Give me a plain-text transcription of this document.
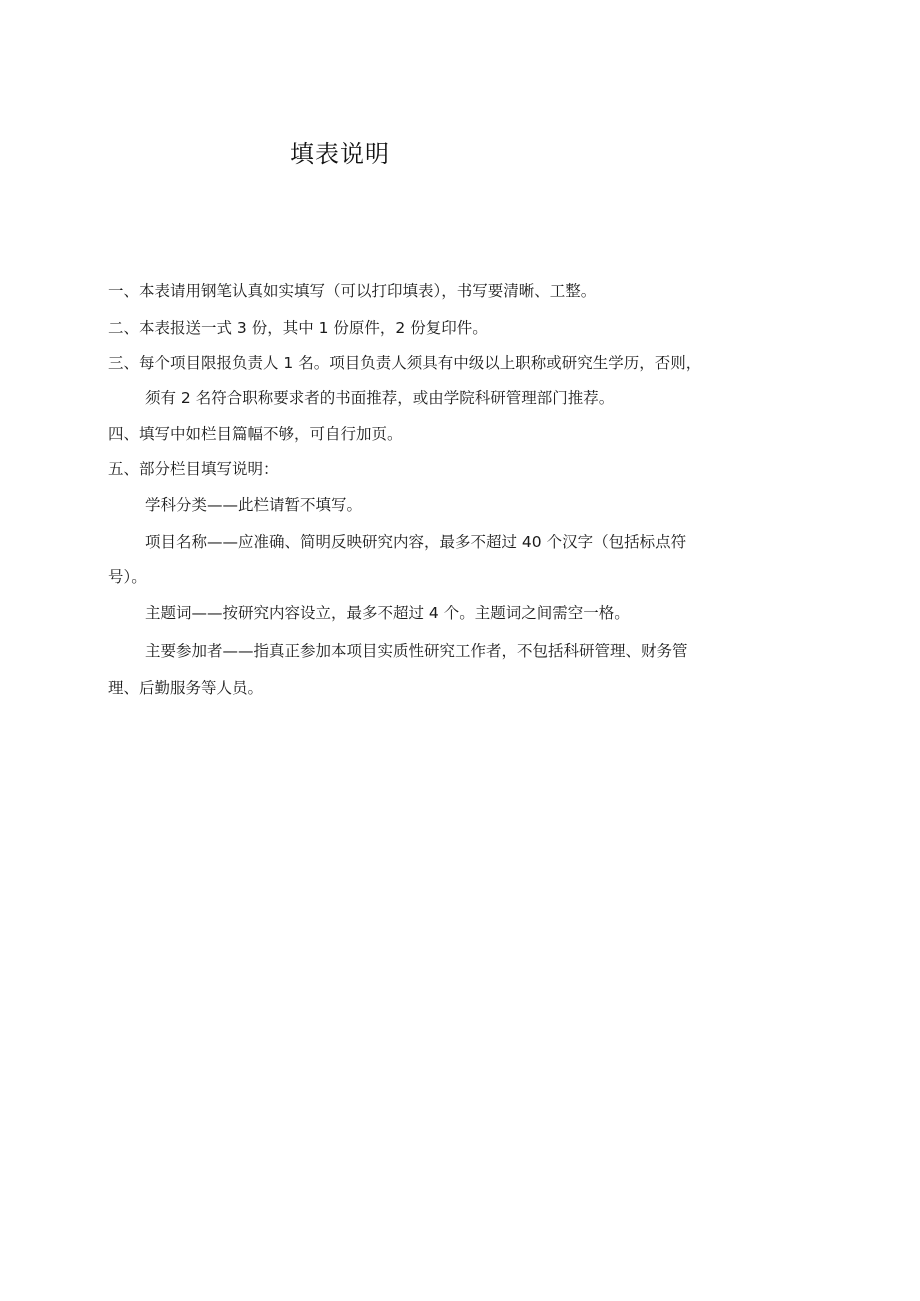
填表说明
一、本表请用钢笔认真如实填写（可以打印填表），书写要清晰、工整。
二、本表报送一式 3 份，其中 1 份原件，2 份复印件。
三、每个项目限报负责人 1 名。项目负责人须具有中级以上职称或研究生学历，否则，
须有 2 名符合职称要求者的书面推荐，或由学院科研管理部门推荐。
四、填写中如栏目篇幅不够，可自行加页。
五、部分栏目填写说明：
学科分类——此栏请暂不填写。
项目名称——应准确、简明反映研究内容，最多不超过 40 个汉字（包括标点符
号）。
主题词——按研究内容设立，最多不超过 4 个。主题词之间需空一格。
主要参加者——指真正参加本项目实质性研究工作者，不包括科研管理、财务管
理、后勤服务等人员。
